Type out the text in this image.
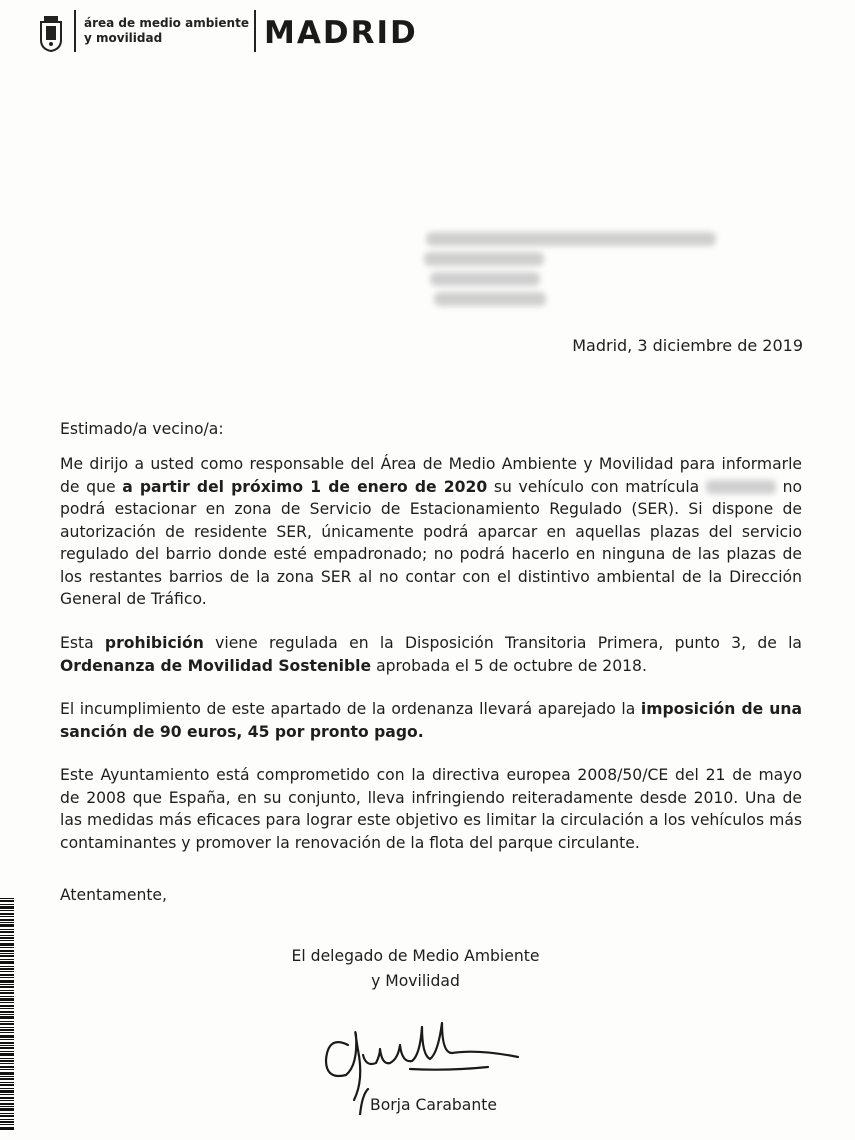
área de medio ambiente
y movilidad	MADRID
Madrid, 3 diciembre de 2019
Estimado/a vecino/a:
Me dirijo a usted como responsable del Área de Medio Ambiente y Movilidad para informarle de que a partir del próximo 1 de enero de 2020 su vehículo con matrícula	no podrá estacionar en zona de Servicio de Estacionamiento Regulado (SER). Si dispone de autorización de residente SER, únicamente podrá aparcar en aquellas plazas del servicio regulado del barrio donde esté empadronado; no podrá hacerlo en ninguna de las plazas de los restantes barrios de la zona SER al no contar con el distintivo ambiental de la Dirección General de Tráfico.
Esta prohibición viene regulada en la Disposición Transitoria Primera, punto 3, de la Ordenanza de Movilidad Sostenible aprobada el 5 de octubre de 2018.
El incumplimiento de este apartado de la ordenanza llevará aparejado la imposición de una sanción de 90 euros, 45 por pronto pago.
Este Ayuntamiento está comprometido con la directiva europea 2008/50/CE del 21 de mayo de 2008 que España, en su conjunto, lleva infringiendo reiteradamente desde 2010. Una de las medidas más eficaces para lograr este objetivo es limitar la circulación a los vehículos más contaminantes y promover la renovación de la flota del parque circulante.
Atentamente,
El delegado de Medio Ambiente
y Movilidad
Borja Carabante
